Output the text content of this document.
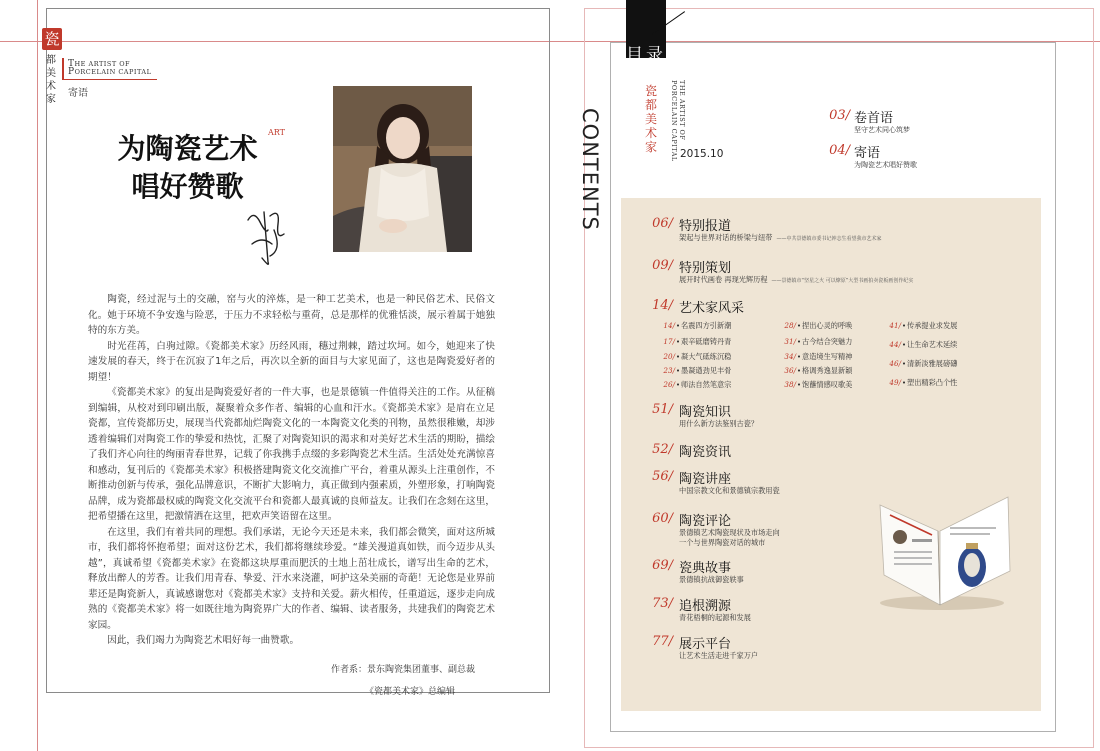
瓷
都美术家
THE ARTIST OF
PORCELAIN CAPITAL
寄语
为陶瓷艺术
唱好赞歌
ART

陶瓷，经过泥与土的交融，窑与火的淬炼，是一种工艺美术，也是一种民俗艺术、民俗文化。她于环境不争安逸与险恶，于压力不求轻松与重荷，总是那样的优雅恬淡，展示着属于她独特的东方美。

时光荏苒，白驹过隙。《瓷都美术家》历经风雨，穗过荆棘，踏过坎坷。如今，她迎来了快速发展的春天，终于在沉寂了1年之后，再次以全新的面目与大家见面了，这也是陶瓷爱好者的期望！

《瓷都美术家》的复出是陶瓷爱好者的一件大事，也是景德镇一件值得关注的工作。从征稿到编辑，从校对到印刷出版，凝聚着众多作者、编辑的心血和汗水。《瓷都美术家》是肩在立足瓷都，宣传瓷都历史，展现当代瓷都灿烂陶瓷文化的一本陶瓷文化类的刊物，虽然很稚嫩，却涉透着编辑们对陶瓷工作的挚爱和热忱，汇聚了对陶瓷知识的渴求和对美好艺术生活的期盼，描绘了我们齐心向往的绚丽青春世界，记载了你我携手点缀的多彩陶瓷艺术生活。生活处处充满惊喜和感动，复刊后的《瓷都美术家》积极搭建陶瓷文化交流推广平台，着重从源头上注重创作，不断推动创新与传承，强化品牌意识，不断扩大影响力，真正做到内强素质，外塑形象，打响陶瓷品牌，成为瓷都最权威的陶瓷文化交流平台和瓷都人最真诚的良师益友。让我们在念刻在这里，把希望播在这里，把激情洒在这里，把欢声笑语留在这里。

在这里，我们有着共同的理想。我们承诺，无论今天还是未来，我们都会微笑，面对这所城市，我们都将怀抱希望；面对这份艺术，我们都将继续珍爱。“雄关漫道真如铁，而今迈步从头越”，真诚希望《瓷都美术家》在瓷都这块厚重而肥沃的土地上茁壮成长，谱写出生命的艺术，释放出醉人的芳香。让我们用青春、挚爱、汗水来浇灌，呵护这朵美丽的奇葩！无论您是业界前辈还是陶瓷新人，真诚感谢您对《瓷都美术家》支持和关爱。薪火相传，任重道远，逐步走向成熟的《瓷都美术家》将一如既往地为陶瓷界广大的作者、编辑、读者服务，共建我们的陶瓷艺术家园。

因此，我们竭力为陶瓷艺术唱好每一曲赞歌。

作者系：景东陶瓷集团董事、副总裁
《瓷都美术家》总编辑
目录
CONTENTS	THE ARTIST OF
PORCELAIN CAPITAL
瓷都美术家 2015.10
03/ 卷首语
坚守艺术同心筑梦
04/ 寄语
为陶瓷艺术唱好赞歌
06/ 特别报道
架起与世界对话的桥梁与纽带 ——中共景德镇市委书记钟志生看望我市艺术家
09/ 特别策划
展开时代画卷 再现光辉历程 ——景德镇市“坚星之火 可以燎原”大型书画拍卖瓷板画创作纪实
14/ 艺术家风采
14/•名震四方引新潮
17/•艰辛砥磨铸丹青
20/•凝大气砥练沉稳
23/•墨凝遒劲见丰骨
26/•师法自然笔意宗
28/•捏出心灵的呼唤
31/•古今结合突魅力
34/•意造境生写精神
36/•格调秀逸显新颖
38/•饱蘸情感叹歌美
41/•传承提业求发展
44/•让生命艺术延续
46/•清新淡雅展磅礴
49/•塑出精彩凸个性
51/ 陶瓷知识
用什么新方法鉴别古瓷？
52/ 陶瓷资讯
56/ 陶瓷讲座
中国宗教文化和景德镇宗教用瓷
60/ 陶瓷评论
景德镇艺术陶瓷现状及市场走向
一个与世界陶瓷对话的城市
69/ 瓷典故事
景德镇抗战御瓷轶事
73/ 追根溯源
青花梧桐的起源和发展
77/ 展示平台
让艺术生活走进千家万户
